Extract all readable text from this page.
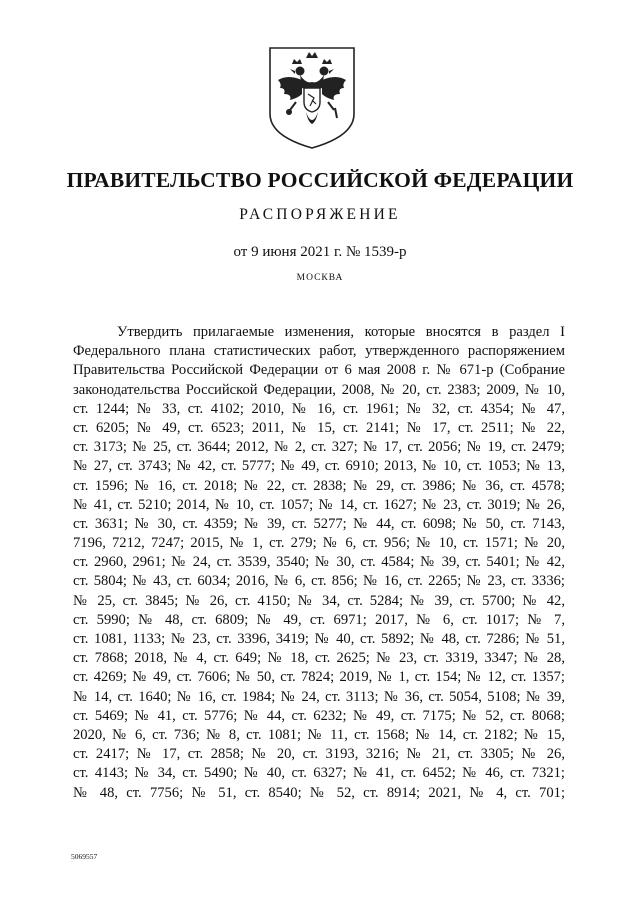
ПРАВИТЕЛЬСТВО РОССИЙСКОЙ ФЕДЕРАЦИИ
РАСПОРЯЖЕНИЕ
от 9 июня 2021 г. № 1539-р
МОСКВА
Утвердить прилагаемые изменения, которые вносятся в раздел I
Федерального плана статистических работ, утвержденного распоряжением
Правительства Российской Федерации от 6 мая 2008 г. № 671-р (Собрание
законодательства Российской Федерации, 2008, № 20, ст. 2383; 2009, № 10,
ст. 1244; № 33, ст. 4102; 2010, № 16, ст. 1961; № 32, ст. 4354; № 47,
ст. 6205; № 49, ст. 6523; 2011, № 15, ст. 2141; № 17, ст. 2511; № 22,
ст. 3173; № 25, ст. 3644; 2012, № 2, ст. 327; № 17, ст. 2056; № 19, ст. 2479;
№ 27, ст. 3743; № 42, ст. 5777; № 49, ст. 6910; 2013, № 10, ст. 1053; № 13,
ст. 1596; № 16, ст. 2018; № 22, ст. 2838; № 29, ст. 3986; № 36, ст. 4578;
№ 41, ст. 5210; 2014, № 10, ст. 1057; № 14, ст. 1627; № 23, ст. 3019; № 26,
ст. 3631; № 30, ст. 4359; № 39, ст. 5277; № 44, ст. 6098; № 50, ст. 7143,
7196, 7212, 7247; 2015, № 1, ст. 279; № 6, ст. 956; № 10, ст. 1571; № 20,
ст. 2960, 2961; № 24, ст. 3539, 3540; № 30, ст. 4584; № 39, ст. 5401; № 42,
ст. 5804; № 43, ст. 6034; 2016, № 6, ст. 856; № 16, ст. 2265; № 23, ст. 3336;
№ 25, ст. 3845; № 26, ст. 4150; № 34, ст. 5284; № 39, ст. 5700; № 42,
ст. 5990; № 48, ст. 6809; № 49, ст. 6971; 2017, № 6, ст. 1017; № 7,
ст. 1081, 1133; № 23, ст. 3396, 3419; № 40, ст. 5892; № 48, ст. 7286; № 51,
ст. 7868; 2018, № 4, ст. 649; № 18, ст. 2625; № 23, ст. 3319, 3347; № 28,
ст. 4269; № 49, ст. 7606; № 50, ст. 7824; 2019, № 1, ст. 154; № 12, ст. 1357;
№ 14, ст. 1640; № 16, ст. 1984; № 24, ст. 3113; № 36, ст. 5054, 5108; № 39,
ст. 5469; № 41, ст. 5776; № 44, ст. 6232; № 49, ст. 7175; № 52, ст. 8068;
2020, № 6, ст. 736; № 8, ст. 1081; № 11, ст. 1568; № 14, ст. 2182; № 15,
ст. 2417; № 17, ст. 2858; № 20, ст. 3193, 3216; № 21, ст. 3305; № 26,
ст. 4143; № 34, ст. 5490; № 40, ст. 6327; № 41, ст. 6452; № 46, ст. 7321;
№ 48, ст. 7756; № 51, ст. 8540; № 52, ст. 8914; 2021, № 4, ст. 701;
5069557
